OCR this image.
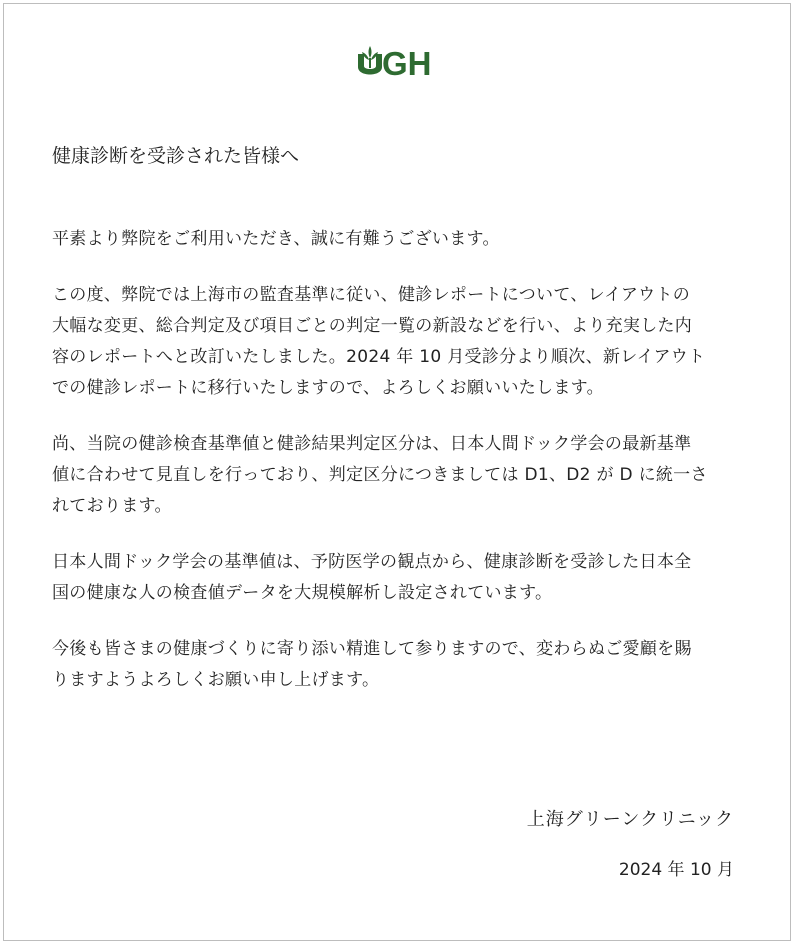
GH
健康診断を受診された皆様へ

平素より弊院をご利用いただき、誠に有難うございます。

この度、弊院では上海市の監査基準に従い、健診レポートについて、レイアウトの
大幅な変更、総合判定及び項目ごとの判定一覧の新設などを行い、より充実した内
容のレポートへと改訂いたしました。2024 年 10 月受診分より順次、新レイアウト
での健診レポートに移行いたしますので、よろしくお願いいたします。

尚、当院の健診検査基準値と健診結果判定区分は、日本人間ドック学会の最新基準
値に合わせて見直しを行っており、判定区分につきましては D1、D2 が D に統一さ
れております。

日本人間ドック学会の基準値は、予防医学の観点から、健康診断を受診した日本全
国の健康な人の検査値データを大規模解析し設定されています。

今後も皆さまの健康づくりに寄り添い精進して参りますので、変わらぬご愛顧を賜
りますようよろしくお願い申し上げます。

上海グリーンクリニック

2024 年 10 月
